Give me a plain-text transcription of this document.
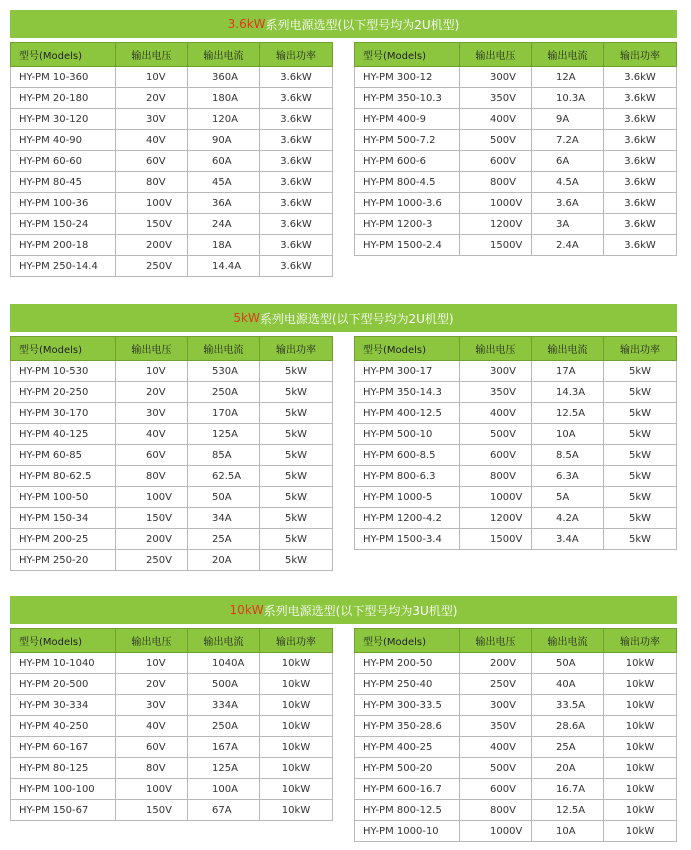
3.6kW 系列电源选型(以下型号均为2U机型)
型号(Models)	输出电压	输出电流	输出功率
HY-PM 10-360	10V	360A	3.6kW
HY-PM 20-180	20V	180A	3.6kW
HY-PM 30-120	30V	120A	3.6kW
HY-PM 40-90	40V	90A	3.6kW
HY-PM 60-60	60V	60A	3.6kW
HY-PM 80-45	80V	45A	3.6kW
HY-PM 100-36	100V	36A	3.6kW
HY-PM 150-24	150V	24A	3.6kW
HY-PM 200-18	200V	18A	3.6kW
HY-PM 250-14.4	250V	14.4A	3.6kW
型号(Models)	输出电压	输出电流	输出功率
HY-PM 300-12	300V	12A	3.6kW
HY-PM 350-10.3	350V	10.3A	3.6kW
HY-PM 400-9	400V	9A	3.6kW
HY-PM 500-7.2	500V	7.2A	3.6kW
HY-PM 600-6	600V	6A	3.6kW
HY-PM 800-4.5	800V	4.5A	3.6kW
HY-PM 1000-3.6	1000V	3.6A	3.6kW
HY-PM 1200-3	1200V	3A	3.6kW
HY-PM 1500-2.4	1500V	2.4A	3.6kW
5kW 系列电源选型(以下型号均为2U机型)
型号(Models)	输出电压	输出电流	输出功率
HY-PM 10-530	10V	530A	5kW
HY-PM 20-250	20V	250A	5kW
HY-PM 30-170	30V	170A	5kW
HY-PM 40-125	40V	125A	5kW
HY-PM 60-85	60V	85A	5kW
HY-PM 80-62.5	80V	62.5A	5kW
HY-PM 100-50	100V	50A	5kW
HY-PM 150-34	150V	34A	5kW
HY-PM 200-25	200V	25A	5kW
HY-PM 250-20	250V	20A	5kW
型号(Models)	输出电压	输出电流	输出功率
HY-PM 300-17	300V	17A	5kW
HY-PM 350-14.3	350V	14.3A	5kW
HY-PM 400-12.5	400V	12.5A	5kW
HY-PM 500-10	500V	10A	5kW
HY-PM 600-8.5	600V	8.5A	5kW
HY-PM 800-6.3	800V	6.3A	5kW
HY-PM 1000-5	1000V	5A	5kW
HY-PM 1200-4.2	1200V	4.2A	5kW
HY-PM 1500-3.4	1500V	3.4A	5kW
10kW 系列电源选型(以下型号均为3U机型)
型号(Models)	输出电压	输出电流	输出功率
HY-PM 10-1040	10V	1040A	10kW
HY-PM 20-500	20V	500A	10kW
HY-PM 30-334	30V	334A	10kW
HY-PM 40-250	40V	250A	10kW
HY-PM 60-167	60V	167A	10kW
HY-PM 80-125	80V	125A	10kW
HY-PM 100-100	100V	100A	10kW
HY-PM 150-67	150V	67A	10kW
型号(Models)	输出电压	输出电流	输出功率
HY-PM 200-50	200V	50A	10kW
HY-PM 250-40	250V	40A	10kW
HY-PM 300-33.5	300V	33.5A	10kW
HY-PM 350-28.6	350V	28.6A	10kW
HY-PM 400-25	400V	25A	10kW
HY-PM 500-20	500V	20A	10kW
HY-PM 600-16.7	600V	16.7A	10kW
HY-PM 800-12.5	800V	12.5A	10kW
HY-PM 1000-10	1000V	10A	10kW
